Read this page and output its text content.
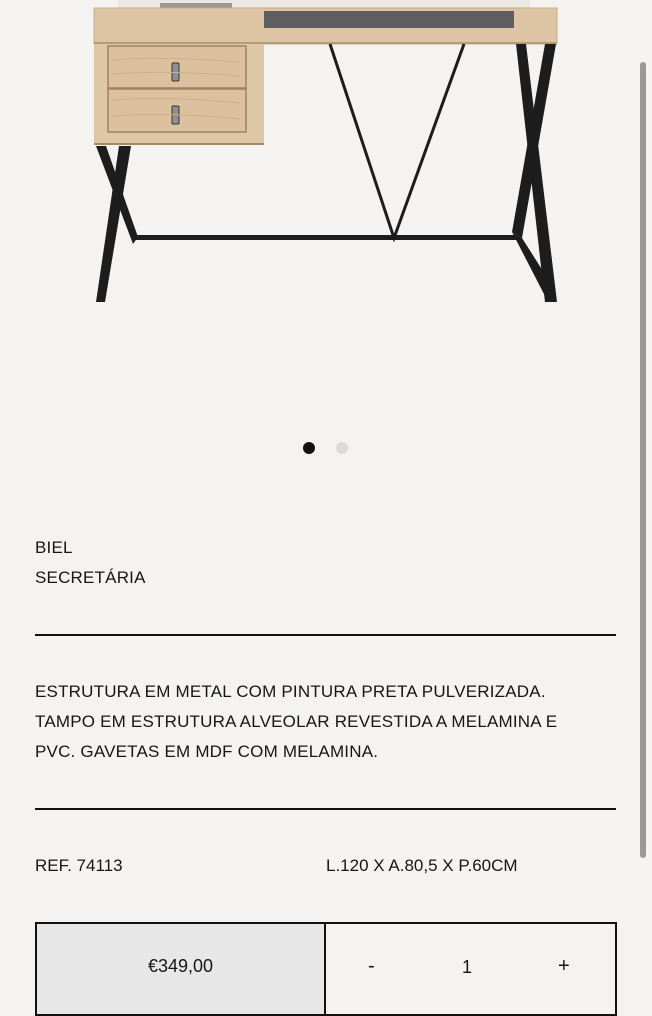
BIEL
SECRETÁRIA
ESTRUTURA EM METAL COM PINTURA PRETA PULVERIZADA.
TAMPO EM ESTRUTURA ALVEOLAR REVESTIDA A MELAMINA E
PVC. GAVETAS EM MDF COM MELAMINA.
REF. 74113	L.120 X A.80,5 X P.60CM
€349,00	-	1	+
